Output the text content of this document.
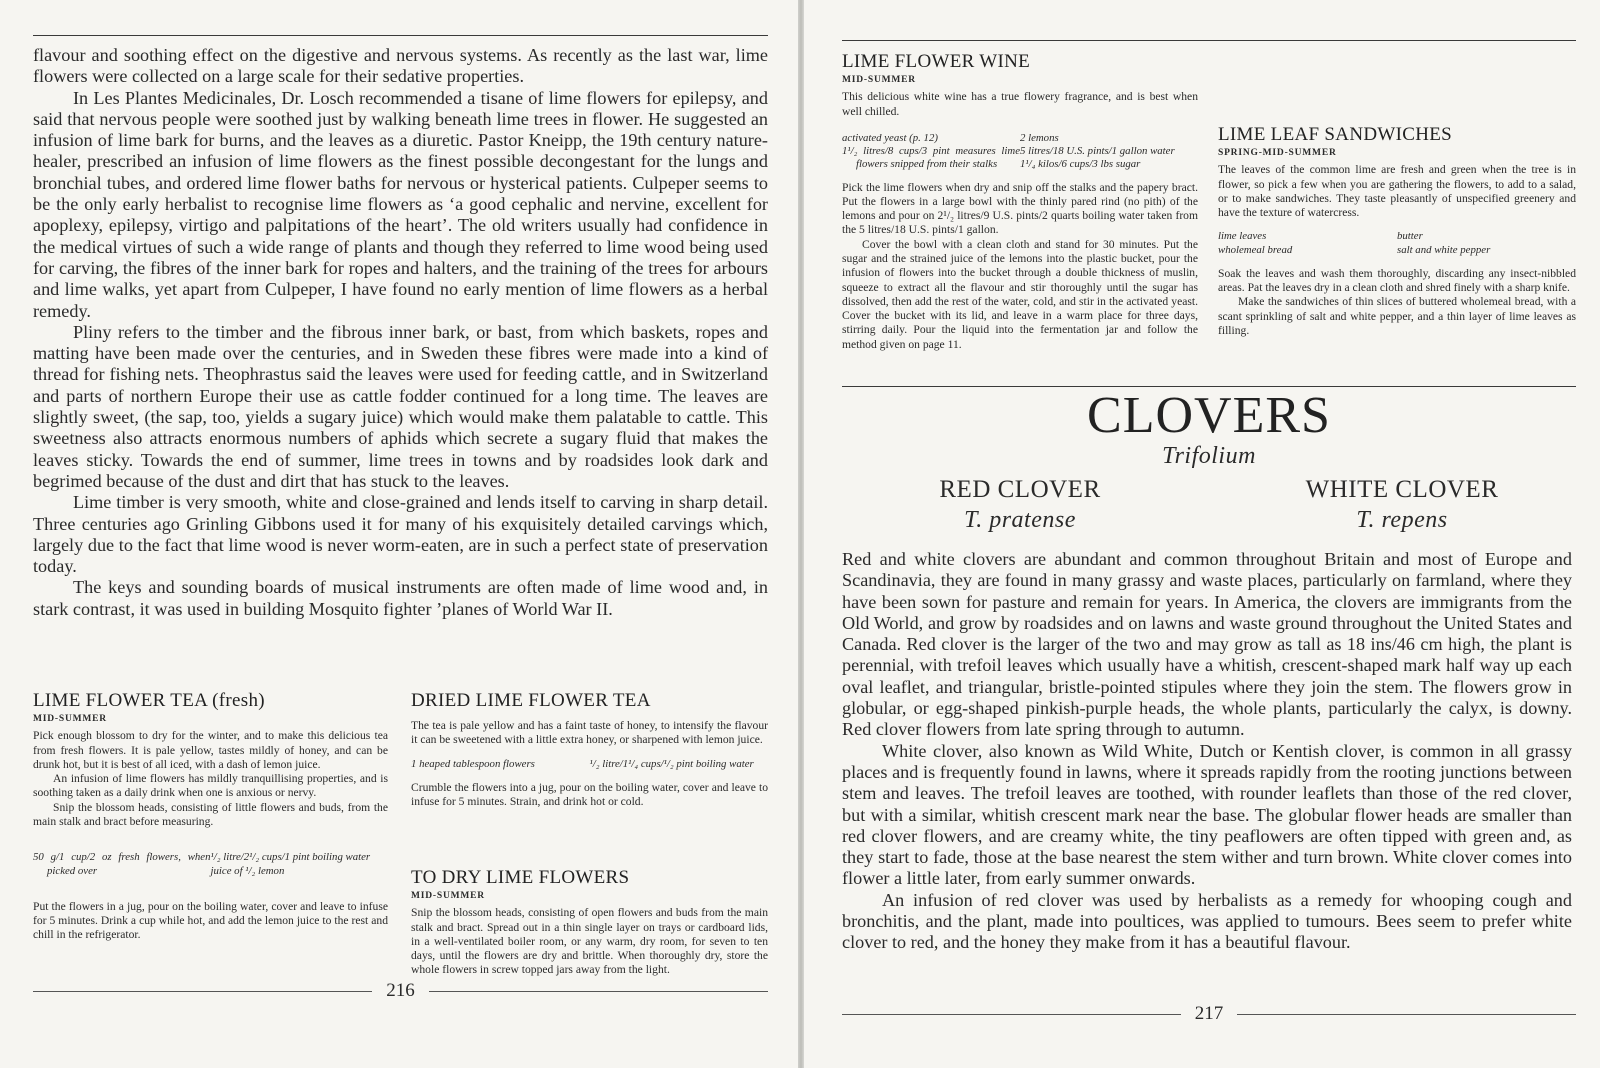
flavour and soothing effect on the digestive and nervous systems. As recently as the last war, lime flowers were collected on a large scale for their sedative properties.

In Les Plantes Medicinales, Dr. Losch recommended a tisane of lime flowers for epilepsy, and said that nervous people were soothed just by walking beneath lime trees in flower. He suggested an infusion of lime bark for burns, and the leaves as a diuretic. Pastor Kneipp, the 19th century nature-healer, prescribed an infusion of lime flowers as the finest possible decongestant for the lungs and bronchial tubes, and ordered lime flower baths for nervous or hysterical patients. Culpeper seems to be the only early herbalist to recognise lime flowers as ‘a good cephalic and nervine, excellent for apoplexy, epilepsy, virtigo and palpitations of the heart’. The old writers usually had confidence in the medical virtues of such a wide range of plants and though they referred to lime wood being used for carving, the fibres of the inner bark for ropes and halters, and the training of the trees for arbours and lime walks, yet apart from Culpeper, I have found no early mention of lime flowers as a herbal remedy.

Pliny refers to the timber and the fibrous inner bark, or bast, from which baskets, ropes and matting have been made over the centuries, and in Sweden these fibres were made into a kind of thread for fishing nets. Theophrastus said the leaves were used for feeding cattle, and in Switzerland and parts of northern Europe their use as cattle fodder continued for a long time. The leaves are slightly sweet, (the sap, too, yields a sugary juice) which would make them palatable to cattle. This sweetness also attracts enormous numbers of aphids which secrete a sugary fluid that makes the leaves sticky. Towards the end of summer, lime trees in towns and by roadsides look dark and begrimed because of the dust and dirt that has stuck to the leaves.

Lime timber is very smooth, white and close-grained and lends itself to carving in sharp detail. Three centuries ago Grinling Gibbons used it for many of his exquisitely detailed carvings which, largely due to the fact that lime wood is never worm-eaten, are in such a perfect state of preservation today.

The keys and sounding boards of musical instruments are often made of lime wood and, in stark contrast, it was used in building Mosquito fighter ’planes of World War II.

LIME FLOWER TEA (fresh)
MID-SUMMER

Pick enough blossom to dry for the winter, and to make this delicious tea from fresh flowers. It is pale yellow, tastes mildly of honey, and can be drunk hot, but it is best of all iced, with a dash of lemon juice.

An infusion of lime flowers has mildly tranquillising properties, and is soothing taken as a daily drink when one is anxious or nervy.

Snip the blossom heads, consisting of little flowers and buds, from the main stalk and bract before measuring.

50 g/1 cup/2 oz fresh flowers, when picked over
¹/₂ litre/2¹/₂ cups/1 pint boiling water
juice of ¹/₂ lemon

Put the flowers in a jug, pour on the boiling water, cover and leave to infuse for 5 minutes. Drink a cup while hot, and add the lemon juice to the rest and chill in the refrigerator.

DRIED LIME FLOWER TEA

The tea is pale yellow and has a faint taste of honey, to intensify the flavour it can be sweetened with a little extra honey, or sharpened with lemon juice.

1 heaped tablespoon flowers	¹/₂ litre/1¹/₄ cups/¹/₂ pint boiling water

Crumble the flowers into a jug, pour on the boiling water, cover and leave to infuse for 5 minutes. Strain, and drink hot or cold.

TO DRY LIME FLOWERS
MID-SUMMER

Snip the blossom heads, consisting of open flowers and buds from the main stalk and bract. Spread out in a thin single layer on trays or cardboard lids, in a well-ventilated boiler room, or any warm, dry room, for seven to ten days, until the flowers are dry and brittle. When thoroughly dry, store the whole flowers in screw topped jars away from the light.

216
LIME FLOWER WINE
MID-SUMMER

This delicious white wine has a true flowery fragrance, and is best when well chilled.

activated yeast (p. 12)
1¹/₂ litres/8 cups/3 pint measures lime flowers snipped from their stalks
2 lemons
5 litres/18 U.S. pints/1 gallon water
1¹/₄ kilos/6 cups/3 lbs sugar

Pick the lime flowers when dry and snip off the stalks and the papery bract. Put the flowers in a large bowl with the thinly pared rind (no pith) of the lemons and pour on 2¹/₂ litres/9 U.S. pints/2 quarts boiling water taken from the 5 litres/18 U.S. pints/1 gallon.

Cover the bowl with a clean cloth and stand for 30 minutes. Put the sugar and the strained juice of the lemons into the plastic bucket, pour the infusion of flowers into the bucket through a double thickness of muslin, squeeze to extract all the flavour and stir thoroughly until the sugar has dissolved, then add the rest of the water, cold, and stir in the activated yeast. Cover the bucket with its lid, and leave in a warm place for three days, stirring daily. Pour the liquid into the fermentation jar and follow the method given on page 11.

LIME LEAF SANDWICHES
SPRING-MID-SUMMER

The leaves of the common lime are fresh and green when the tree is in flower, so pick a few when you are gathering the flowers, to add to a salad, or to make sandwiches. They taste pleasantly of unspecified greenery and have the texture of watercress.

lime leaves
wholemeal bread
butter
salt and white pepper

Soak the leaves and wash them thoroughly, discarding any insect-nibbled areas. Pat the leaves dry in a clean cloth and shred finely with a sharp knife.

Make the sandwiches of thin slices of buttered wholemeal bread, with a scant sprinkling of salt and white pepper, and a thin layer of lime leaves as filling.

CLOVERS
Trifolium
RED CLOVER
T. pratense
WHITE CLOVER
T. repens

Red and white clovers are abundant and common throughout Britain and most of Europe and Scandinavia, they are found in many grassy and waste places, particularly on farmland, where they have been sown for pasture and remain for years. In America, the clovers are immigrants from the Old World, and grow by roadsides and on lawns and waste ground throughout the United States and Canada. Red clover is the larger of the two and may grow as tall as 18 ins/46 cm high, the plant is perennial, with trefoil leaves which usually have a whitish, crescent-shaped mark half way up each oval leaflet, and triangular, bristle-pointed stipules where they join the stem. The flowers grow in globular, or egg-shaped pinkish-purple heads, the whole plants, particularly the calyx, is downy. Red clover flowers from late spring through to autumn.

White clover, also known as Wild White, Dutch or Kentish clover, is common in all grassy places and is frequently found in lawns, where it spreads rapidly from the rooting junctions between stem and leaves. The trefoil leaves are toothed, with rounder leaflets than those of the red clover, but with a similar, whitish crescent mark near the base. The globular flower heads are smaller than red clover flowers, and are creamy white, the tiny peaflowers are often tipped with green and, as they start to fade, those at the base nearest the stem wither and turn brown. White clover comes into flower a little later, from early summer onwards.

An infusion of red clover was used by herbalists as a remedy for whooping cough and bronchitis, and the plant, made into poultices, was applied to tumours. Bees seem to prefer white clover to red, and the honey they make from it has a beautiful flavour.

217
